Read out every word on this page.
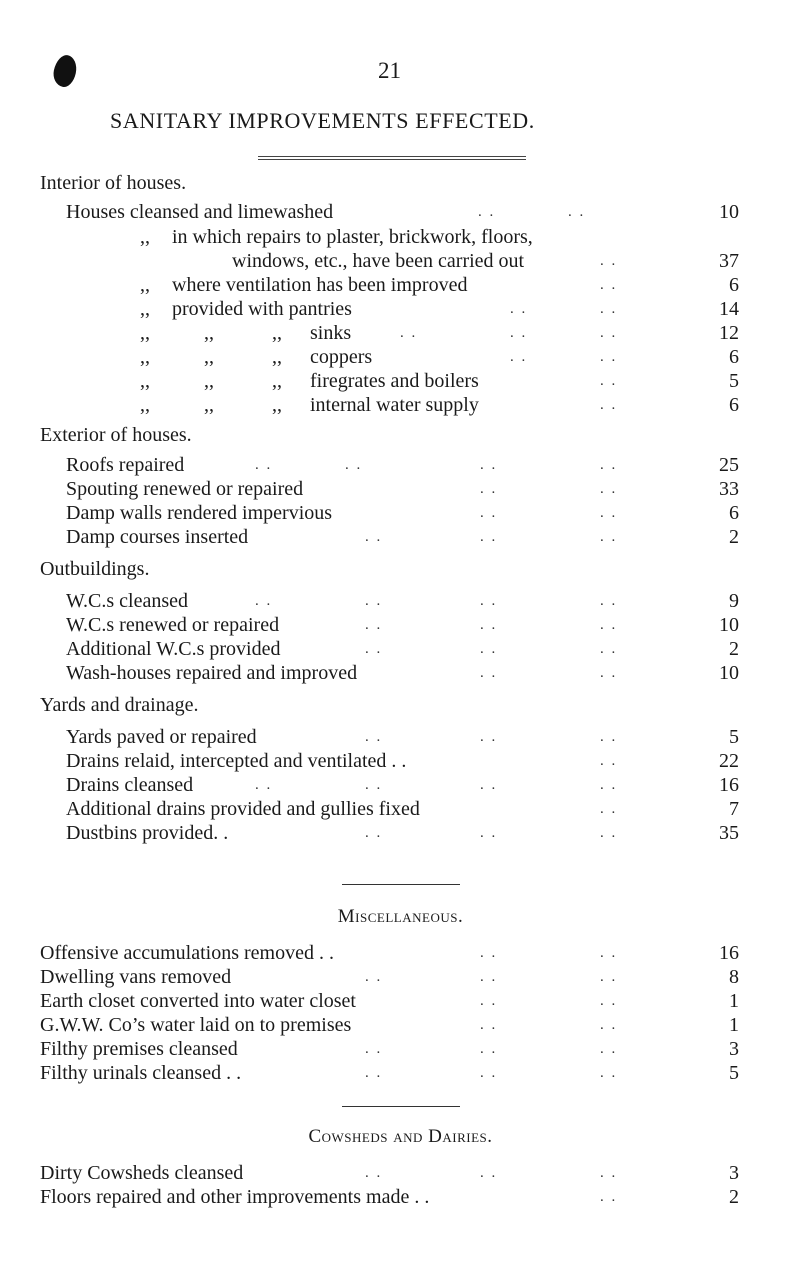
21
SANITARY IMPROVEMENTS EFFECTED.
Interior of houses.
Houses cleansed and limewashed	. .	. .	10
,, in which repairs to plaster, brickwork, floors,
windows, etc., have been carried out	. .	37
,, where ventilation has been improved	. .	6
,, provided with pantries	. .	. .	14
,,	,,	,, sinks	. .	. .	. .	12
,,	,,	,, coppers	. .	. .	6
,,	,,	,, firegrates and boilers	. .	5
,,	,,	,, internal water supply	. .	6
Exterior of houses.
Roofs repaired	. .	. .	. .	. .	25
Spouting renewed or repaired	. .	. .	33
Damp walls rendered impervious	. .	. .	6
Damp courses inserted	. .	. .	. .	2
Outbuildings.
W.C.s cleansed	. .	. .	. .	. .	9
W.C.s renewed or repaired	. .	. .	. .	10
Additional W.C.s provided	. .	. .	. .	2
Wash-houses repaired and improved	. .	. .	10
Yards and drainage.
Yards paved or repaired	. .	. .	. .	5
Drains relaid, intercepted and ventilated . .	. .	22
Drains cleansed	. .	. .	. .	. .	16
Additional drains provided and gullies fixed	. .	7
Dustbins provided. .	. .	. .	. .	35
Miscellaneous.
Offensive accumulations removed . .	. .	. .	16
Dwelling vans removed	. .	. .	. .	8
Earth closet converted into water closet	. .	. .	1
G.W.W. Co’s water laid on to premises	. .	. .	1
Filthy premises cleansed	. .	. .	. .	3
Filthy urinals cleansed . .	. .	. .	. .	5
Cowsheds and Dairies.
Dirty Cowsheds cleansed	. .	. .	. .	3
Floors repaired and other improvements made . .	. .	2
